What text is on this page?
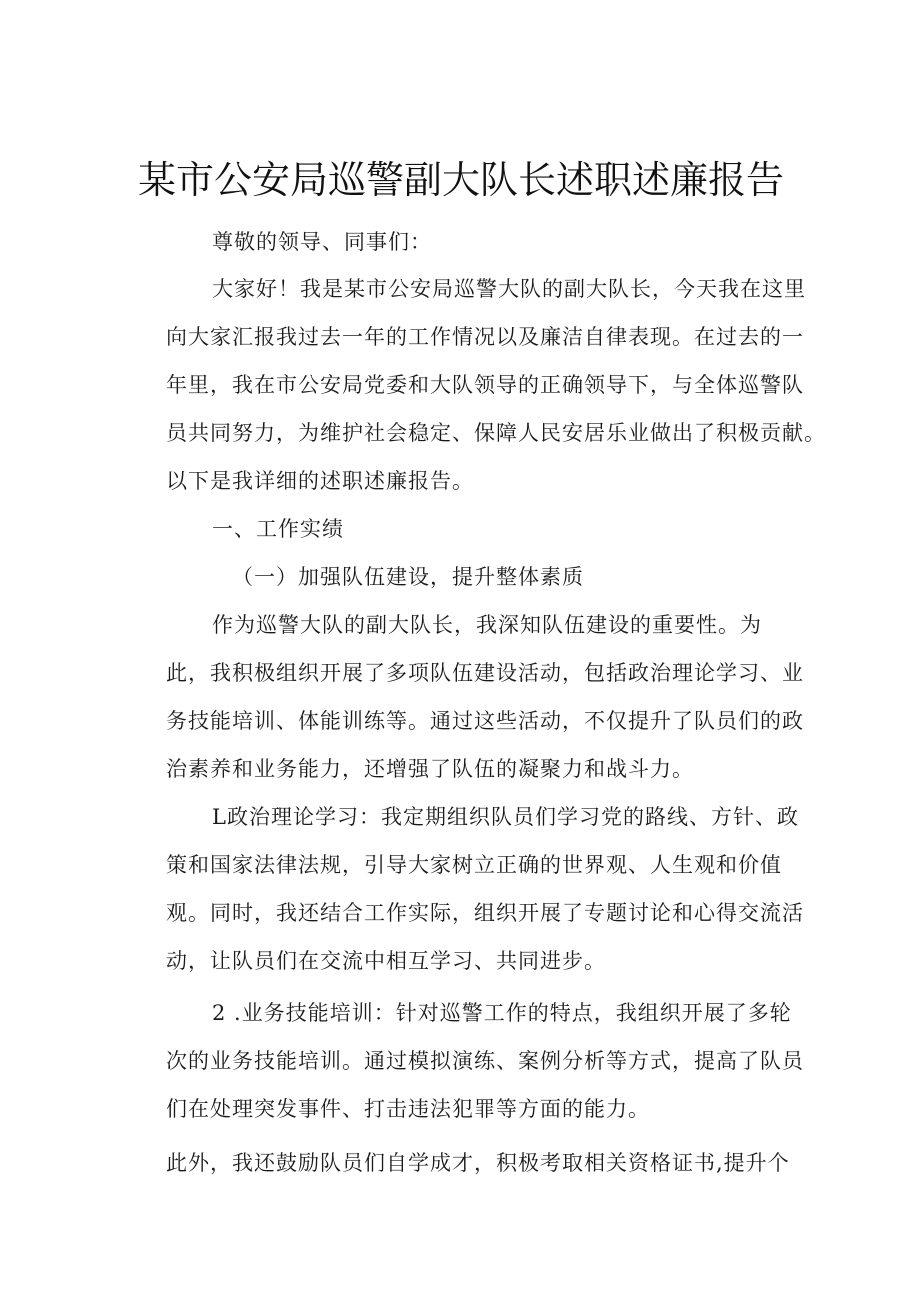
某市公安局巡警副大队长述职述廉报告
尊敬的领导、同事们：
大家好！我是某市公安局巡警大队的副大队长，今天我在这里
向大家汇报我过去一年的工作情况以及廉洁自律表现。在过去的一
年里，我在市公安局党委和大队领导的正确领导下，与全体巡警队
员共同努力，为维护社会稳定、保障人民安居乐业做出了积极贡献。
以下是我详细的述职述廉报告。
一、工作实绩
（一）加强队伍建设，提升整体素质
作为巡警大队的副大队长，我深知队伍建设的重要性。为
此，我积极组织开展了多项队伍建设活动，包括政治理论学习、业
务技能培训、体能训练等。通过这些活动，不仅提升了队员们的政
治素养和业务能力，还增强了队伍的凝聚力和战斗力。
L政治理论学习：我定期组织队员们学习党的路线、方针、政
策和国家法律法规，引导大家树立正确的世界观、人生观和价值
观。同时，我还结合工作实际，组织开展了专题讨论和心得交流活
动，让队员们在交流中相互学习、共同进步。
2 .业务技能培训：针对巡警工作的特点，我组织开展了多轮
次的业务技能培训。通过模拟演练、案例分析等方式，提高了队员
们在处理突发事件、打击违法犯罪等方面的能力。
此外，我还鼓励队员们自学成才，积极考取相关资格证书,提升个
